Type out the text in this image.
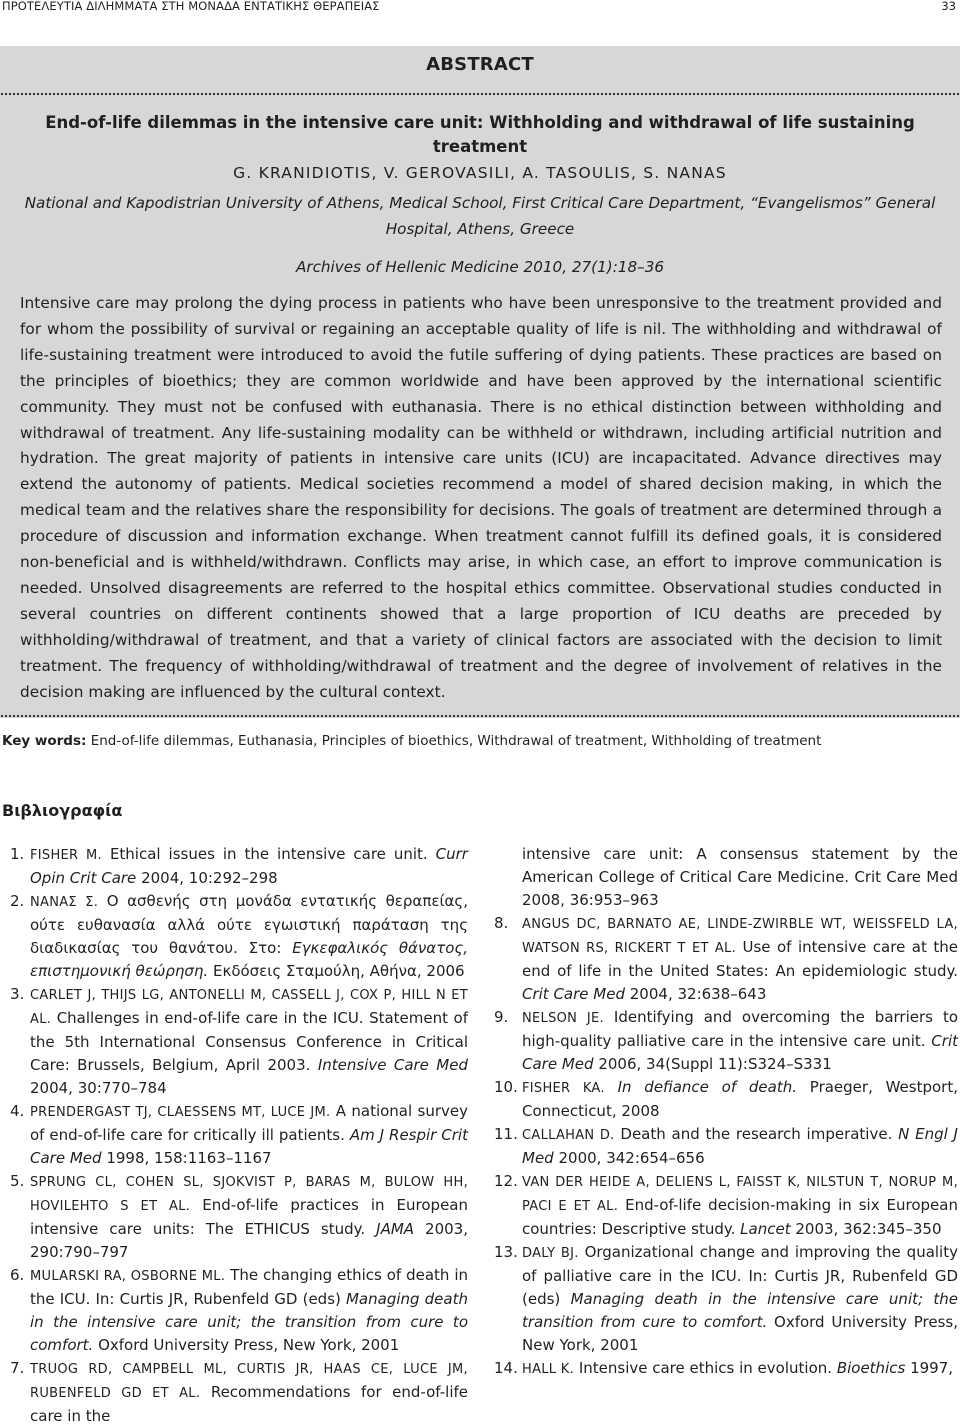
ΠΡΟΤΕΛΕΥΤΙΑ ΔΙΛΗΜΜΑΤΑ ΣΤΗ ΜΟΝΑΔΑ ΕΝΤΑΤΙΚΗΣ ΘΕΡΑΠΕΙΑΣ	33
ABSTRACT
End-of-life dilemmas in the intensive care unit: Withholding and withdrawal of life sustaining treatment
G. KRANIDIOTIS, V. GEROVASILI, A. TASOULIS, S. NANAS
National and Kapodistrian University of Athens, Medical School, First Critical Care Department, “Evangelismos” General Hospital, Athens, Greece
Archives of Hellenic Medicine 2010, 27(1):18–36
Intensive care may prolong the dying process in patients who have been unresponsive to the treatment provided and for whom the possibility of survival or regaining an acceptable quality of life is nil. The withholding and withdrawal of life-sustaining treatment were introduced to avoid the futile suffering of dying patients. These practices are based on the principles of bioethics; they are common worldwide and have been approved by the international scientific community. They must not be confused with euthanasia. There is no ethical distinction between withholding and withdrawal of treatment. Any life-sustaining modality can be withheld or withdrawn, including artificial nutrition and hydration. The great majority of patients in intensive care units (ICU) are incapacitated. Advance directives may extend the autonomy of patients. Medical societies recommend a model of shared decision making, in which the medical team and the relatives share the responsibility for decisions. The goals of treatment are determined through a procedure of discussion and information exchange. When treatment cannot fulfill its defined goals, it is considered non-beneficial and is withheld/withdrawn. Conflicts may arise, in which case, an effort to improve communication is needed. Unsolved disagreements are referred to the hospital ethics committee. Observational studies conducted in several countries on different continents showed that a large proportion of ICU deaths are preceded by withholding/withdrawal of treatment, and that a variety of clinical factors are associated with the decision to limit treatment. The frequency of withholding/withdrawal of treatment and the degree of involvement of relatives in the decision making are influenced by the cultural context.
Key words: End-of-life dilemmas, Euthanasia, Principles of bioethics, Withdrawal of treatment, Withholding of treatment
Βιβλιογραφία
1. FISHER M. Ethical issues in the intensive care unit. Curr Opin Crit Care 2004, 10:292–298
2. ΝΑΝΑΣ Σ. Ο ασθενής στη μονάδα εντατικής θεραπείας, ούτε ευθανασία αλλά ούτε εγωιστική παράταση της διαδικασίας του θανάτου. Στο: Εγκεφαλικός θάνατος, επιστημονική θεώρηση. Εκδόσεις Σταμούλη, Αθήνα, 2006
3. CARLET J, THIJS LG, ANTONELLI M, CASSELL J, COX P, HILL N ET AL. Challenges in end-of-life care in the ICU. Statement of the 5th International Consensus Conference in Critical Care: Brussels, Belgium, April 2003. Intensive Care Med 2004, 30:770–784
4. PRENDERGAST TJ, CLAESSENS MT, LUCE JM. A national survey of end-of-life care for critically ill patients. Am J Respir Crit Care Med 1998, 158:1163–1167
5. SPRUNG CL, COHEN SL, SJOKVIST P, BARAS M, BULOW HH, HOVILEHTO S ET AL. End-of-life practices in European intensive care units: The ETHICUS study. JAMA 2003, 290:790–797
6. MULARSKI RA, OSBORNE ML. The changing ethics of death in the ICU. In: Curtis JR, Rubenfeld GD (eds) Managing death in the intensive care unit; the transition from cure to comfort. Oxford University Press, New York, 2001
7. TRUOG RD, CAMPBELL ML, CURTIS JR, HAAS CE, LUCE JM, RUBENFELD GD ET AL. Recommendations for end-of-life care in the
intensive care unit: A consensus statement by the American College of Critical Care Medicine. Crit Care Med 2008, 36:953–963
8. ANGUS DC, BARNATO AE, LINDE-ZWIRBLE WT, WEISSFELD LA, WATSON RS, RICKERT T ET AL. Use of intensive care at the end of life in the United States: An epidemiologic study. Crit Care Med 2004, 32:638–643
9. NELSON JE. Identifying and overcoming the barriers to high-quality palliative care in the intensive care unit. Crit Care Med 2006, 34(Suppl 11):S324–S331
10. FISHER KA. In defiance of death. Praeger, Westport, Connecticut, 2008
11. CALLAHAN D. Death and the research imperative. N Engl J Med 2000, 342:654–656
12. VAN DER HEIDE A, DELIENS L, FAISST K, NILSTUN T, NORUP M, PACI E ET AL. End-of-life decision-making in six European countries: Descriptive study. Lancet 2003, 362:345–350
13. DALY BJ. Organizational change and improving the quality of palliative care in the ICU. In: Curtis JR, Rubenfeld GD (eds) Managing death in the intensive care unit; the transition from cure to comfort. Oxford University Press, New York, 2001
14. HALL K. Intensive care ethics in evolution. Bioethics 1997,
